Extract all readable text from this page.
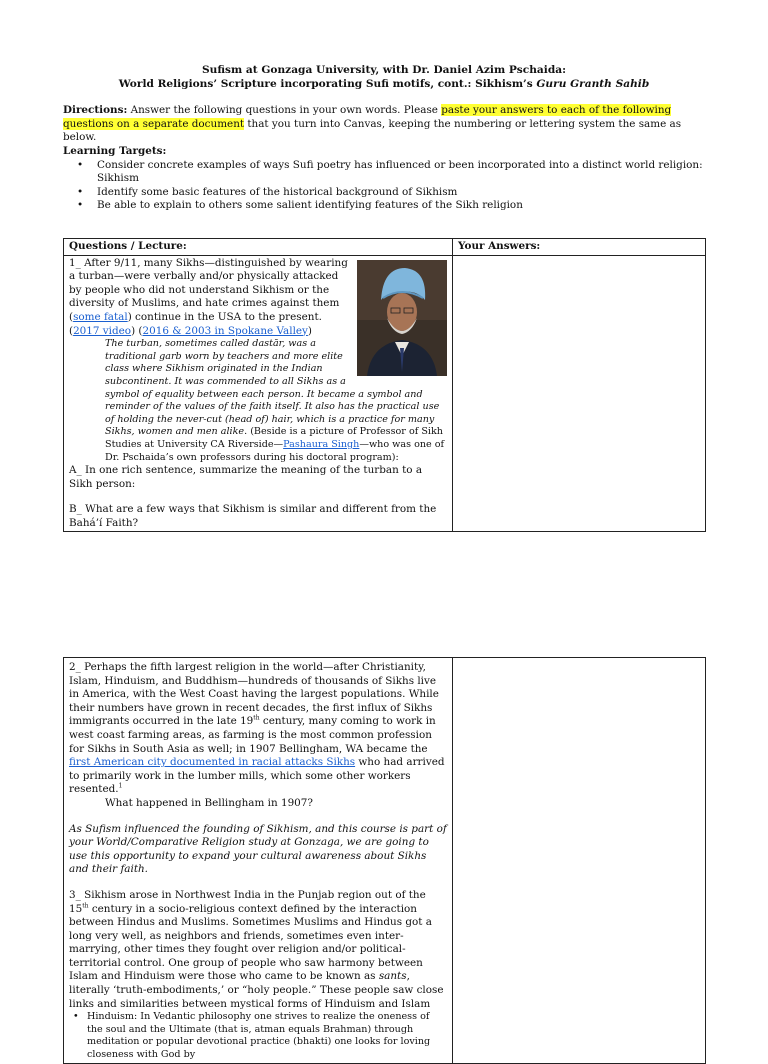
Sufism at Gonzaga University, with Dr. Daniel Azim Pschaida:
World Religions’ Scripture incorporating Sufi motifs, cont.: Sikhism’s Guru Granth Sahib
Directions: Answer the following questions in your own words. Please paste your answers to each of the following questions on a separate document that you turn into Canvas, keeping the numbering or lettering system the same as below.
Learning Targets:
• Consider concrete examples of ways Sufi poetry has influenced or been incorporated into a distinct world religion: Sikhism
• Identify some basic features of the historical background of Sikhism
• Be able to explain to others some salient identifying features of the Sikh religion
Questions / Lecture:	Your Answers:

1_ After 9/11, many Sikhs—distinguished by wearing a turban—were verbally and/or physically attacked by people who did not understand Sikhism or the diversity of Muslims, and hate crimes against them (some fatal) continue in the USA to the present. (2017 video) (2016 & 2003 in Spokane Valley)
The turban, sometimes called dastār, was a traditional garb worn by teachers and more elite class where Sikhism originated in the Indian subcontinent. It was commended to all Sikhs as a symbol of equality between each person. It became a symbol and reminder of the values of the faith itself. It also has the practical use of holding the never-cut (head of) hair, which is a practice for many Sikhs, women and men alike. (Beside is a picture of Professor of Sikh Studies at University CA Riverside—Pashaura Singh—who was one of Dr. Pschaida’s own professors during his doctoral program):
A_ In one rich sentence, summarize the meaning of the turban to a Sikh person:
B_ What are a few ways that Sikhism is similar and different from the Bahá’í Faith?	

2_ Perhaps the fifth largest religion in the world—after Christianity, Islam, Hinduism, and Buddhism—hundreds of thousands of Sikhs live in America, with the West Coast having the largest populations. While their numbers have grown in recent decades, the first influx of Sikhs immigrants occurred in the late 19th century, many coming to work in west coast farming areas, as farming is the most common profession for Sikhs in South Asia as well; in 1907 Bellingham, WA became the first American city documented in racial attacks Sikhs who had arrived to primarily work in the lumber mills, which some other workers resented.$^1$
What happened in Bellingham in 1907?
As Sufism influenced the founding of Sikhism, and this course is part of your World/Comparative Religion study at Gonzaga, we are going to use this opportunity to expand your cultural awareness about Sikhs and their faith.
3_ Sikhism arose in Northwest India in the Punjab region out of the 15th century in a socio-religious context defined by the interaction between Hindus and Muslims. Sometimes Muslims and Hindus got a long very well, as neighbors and friends, sometimes even inter-marrying, other times they fought over religion and/or political-territorial control. One group of people who saw harmony between Islam and Hinduism were those who came to be known as sants, literally ‘truth-embodiments,’ or “holy people.” These people saw close links and similarities between mystical forms of Hinduism and Islam
• Hinduism: In Vedantic philosophy one strives to realize the oneness of the soul and the Ultimate (that is, atman equals Brahman) through meditation or popular devotional practice (bhakti) one looks for loving closeness with God by
